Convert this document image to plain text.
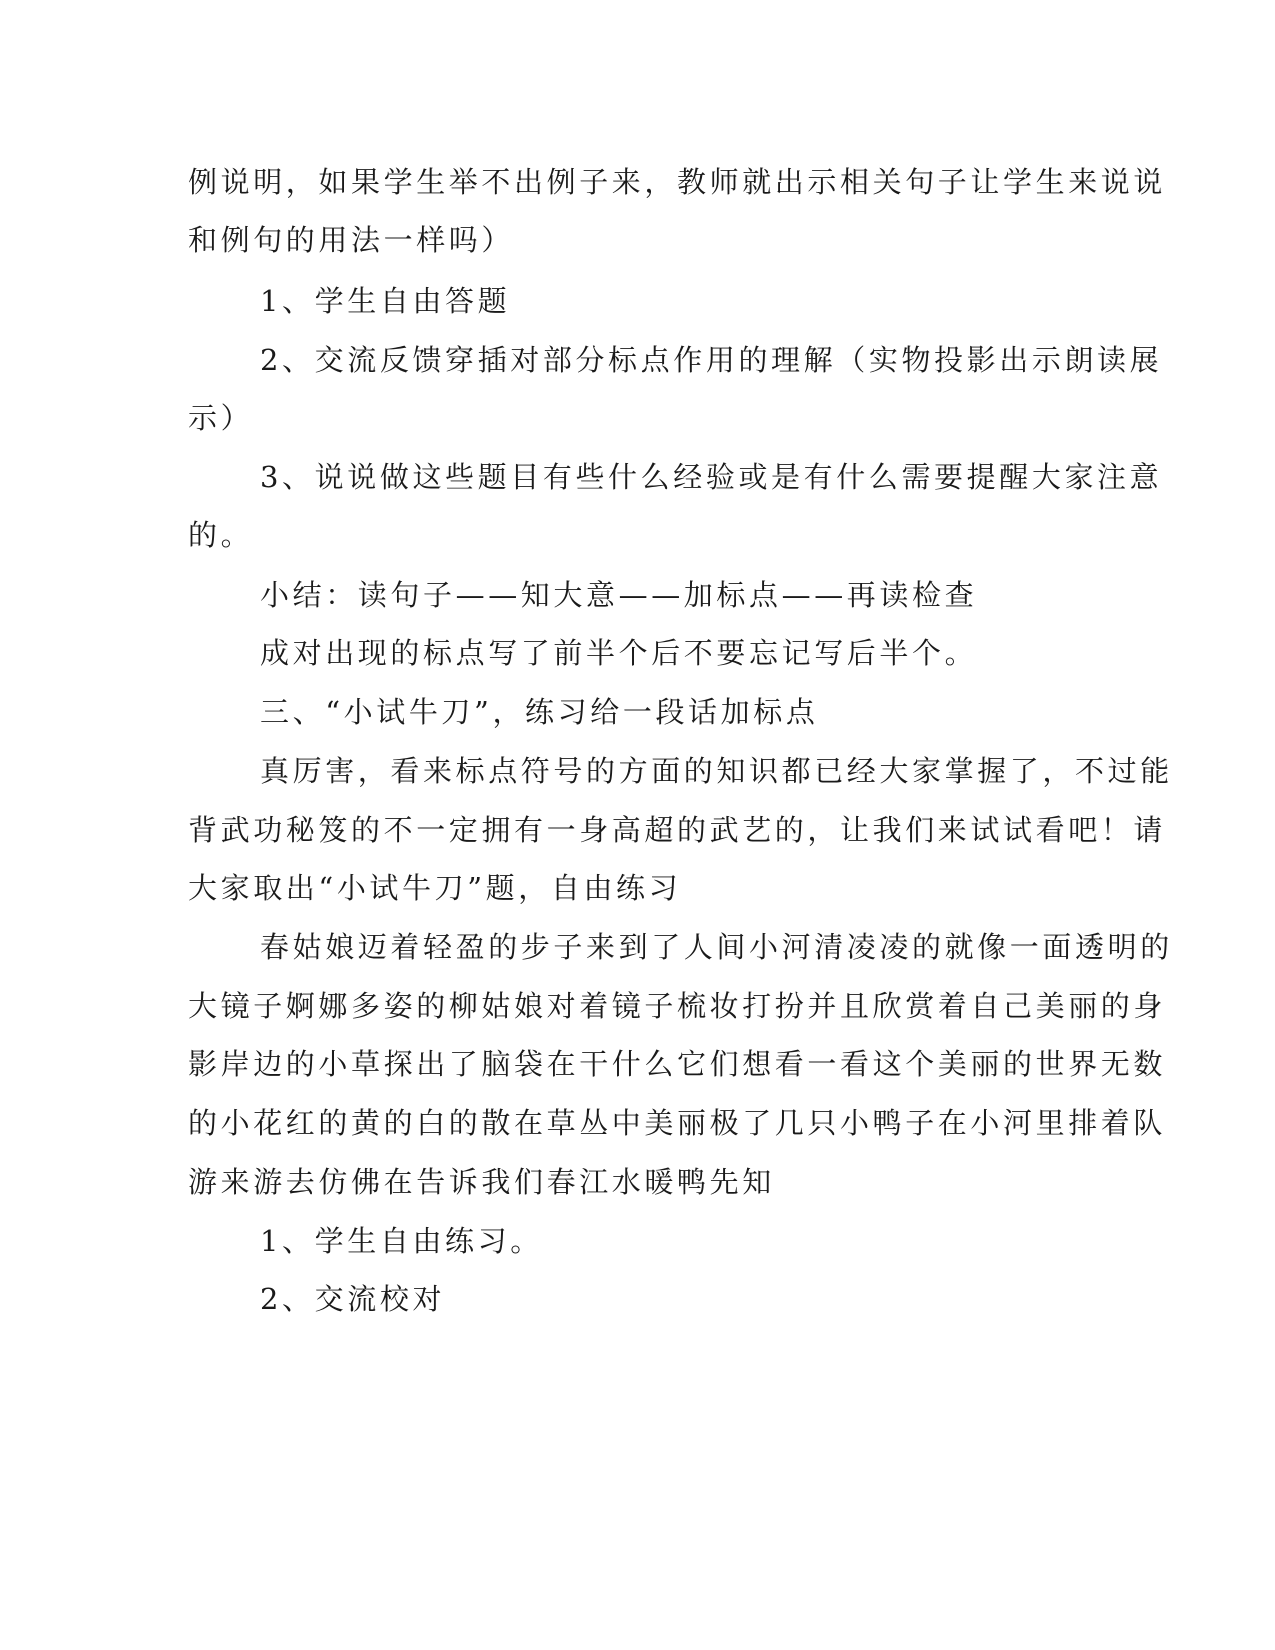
例说明，如果学生举不出例子来，教师就出示相关句子让学生来说说
和例句的用法一样吗）
1、学生自由答题
2、交流反馈穿插对部分标点作用的理解（实物投影出示朗读展
示）
3、说说做这些题目有些什么经验或是有什么需要提醒大家注意
的。
小结：读句子——知大意——加标点——再读检查
成对出现的标点写了前半个后不要忘记写后半个。
三、“小试牛刀”，练习给一段话加标点
真厉害，看来标点符号的方面的知识都已经大家掌握了，不过能
背武功秘笈的不一定拥有一身高超的武艺的，让我们来试试看吧！请
大家取出“小试牛刀”题，自由练习
春姑娘迈着轻盈的步子来到了人间小河清凌凌的就像一面透明的
大镜子婀娜多姿的柳姑娘对着镜子梳妆打扮并且欣赏着自己美丽的身
影岸边的小草探出了脑袋在干什么它们想看一看这个美丽的世界无数
的小花红的黄的白的散在草丛中美丽极了几只小鸭子在小河里排着队
游来游去仿佛在告诉我们春江水暖鸭先知
1、学生自由练习。
2、交流校对
